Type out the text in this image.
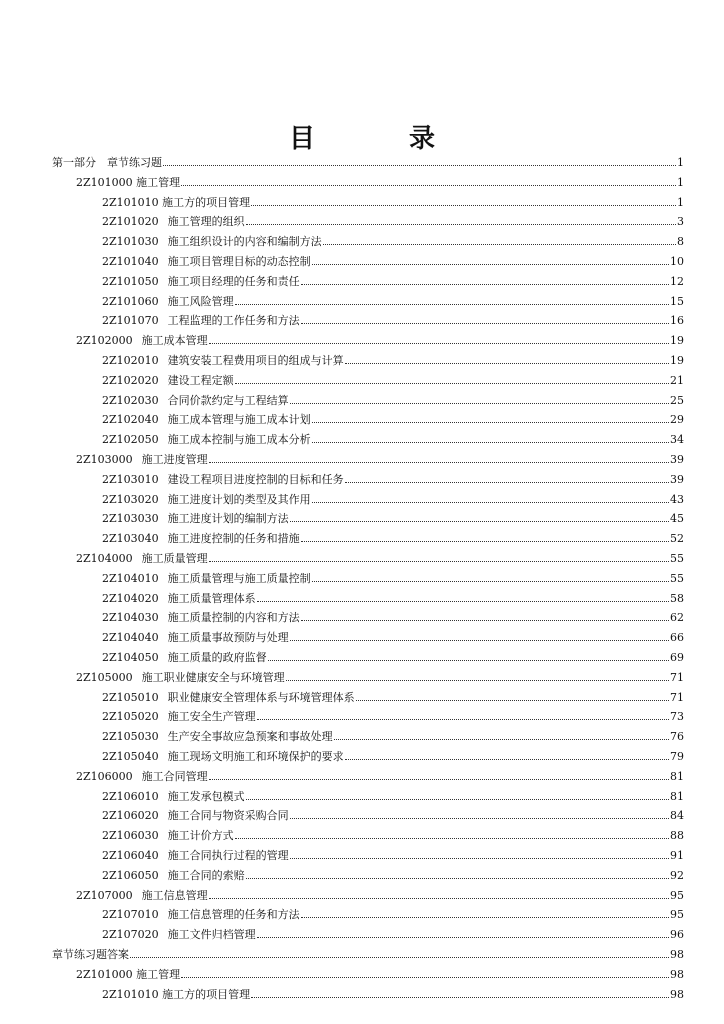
目　录
第一部分　章节练习题	1
2Z101000 施工管理	1
2Z101010 施工方的项目管理	1
2Z101020 施工管理的组织	3
2Z101030 施工组织设计的内容和编制方法	8
2Z101040 施工项目管理目标的动态控制	10
2Z101050 施工项目经理的任务和责任	12
2Z101060 施工风险管理	15
2Z101070 工程监理的工作任务和方法	16
2Z102000 施工成本管理	19
2Z102010 建筑安装工程费用项目的组成与计算	19
2Z102020 建设工程定额	21
2Z102030 合同价款约定与工程结算	25
2Z102040 施工成本管理与施工成本计划	29
2Z102050 施工成本控制与施工成本分析	34
2Z103000 施工进度管理	39
2Z103010 建设工程项目进度控制的目标和任务	39
2Z103020 施工进度计划的类型及其作用	43
2Z103030 施工进度计划的编制方法	45
2Z103040 施工进度控制的任务和措施	52
2Z104000 施工质量管理	55
2Z104010 施工质量管理与施工质量控制	55
2Z104020 施工质量管理体系	58
2Z104030 施工质量控制的内容和方法	62
2Z104040 施工质量事故预防与处理	66
2Z104050 施工质量的政府监督	69
2Z105000 施工职业健康安全与环境管理	71
2Z105010 职业健康安全管理体系与环境管理体系	71
2Z105020 施工安全生产管理	73
2Z105030 生产安全事故应急预案和事故处理	76
2Z105040 施工现场文明施工和环境保护的要求	79
2Z106000 施工合同管理	81
2Z106010 施工发承包模式	81
2Z106020 施工合同与物资采购合同	84
2Z106030 施工计价方式	88
2Z106040 施工合同执行过程的管理	91
2Z106050 施工合同的索赔	92
2Z107000 施工信息管理	95
2Z107010 施工信息管理的任务和方法	95
2Z107020 施工文件归档管理	96
章节练习题答案	98
2Z101000 施工管理	98
2Z101010 施工方的项目管理	98
